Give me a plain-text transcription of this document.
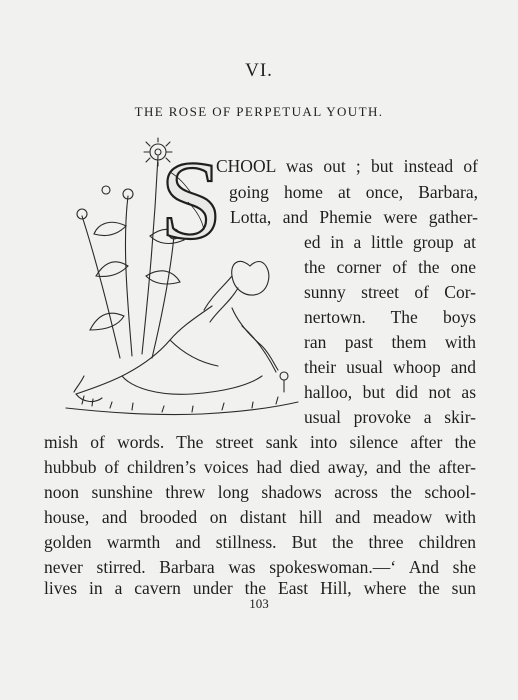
VI.
THE ROSE OF PERPETUAL YOUTH.
S
CHOOL was out ; but instead of
going home at once, Barbara,
Lotta, and Phemie were gather-
ed in a little group at
the corner of the one
sunny street of Cor-
nertown. The boys
ran past them with
their usual whoop and
halloo, but did not as
usual provoke a skir-
mish of words. The street sank into silence after the
hubbub of children’s voices had died away, and the after-
noon sunshine threw long shadows across the school-
house, and brooded on distant hill and meadow with
golden warmth and stillness. But the three children
never stirred. Barbara was spokeswoman.—‘ And she
lives in a cavern under the East Hill, where the sun
103
